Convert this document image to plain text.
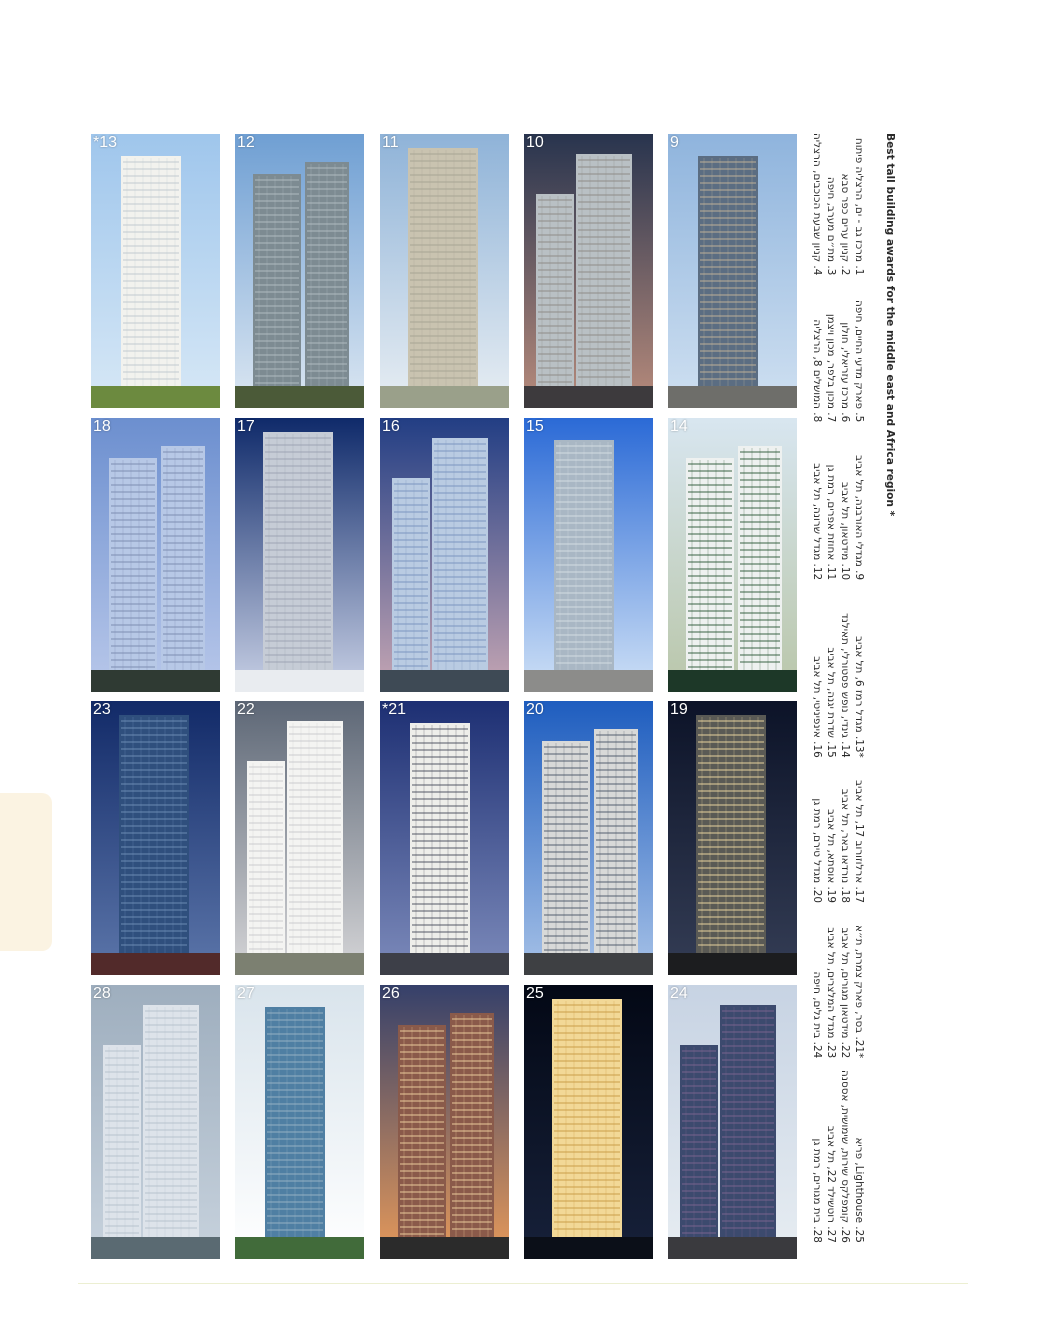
*13	12	11	10	9
18	17	16	15	14
23	22	*21	20	19
28	27	26	25	24
1. מרכז גב - ים, הרצליה פיתוח
2. קניון ערים כפר סבא
3. מת״ם מערב, חיפה
4. קניון שבעת הכוכבים, הרצליה
5. פארק מדעי החיים, חיפה
6. מרכז עזריאלי, חולון
7. מכון בלפר, מכון ויצמן
8. המושלים 8, הרצליה
9. מגדלי האורבנה, תל אביב
10. מידטאון, תל אביב
11. אחוזת אפרים, רמת גן
12. מגדל שרונה, תל אביב
*13. מגדל רמז 6, תל אביב
14. גינדי, נופש פסטורלי, תאילנד
15. שדרת יגנה, תל אביב
16. אינפיניטי, תל אביב
17. ארלוזורוב 17, תל אביב
18. נורדאו באר, תל אביב
19. אוסתא, תל אביב
20. מגדל טירם, רמת גן
*21. בסר, פארק צמרת, ת״א
22. מידטאון מגורים, תל אביב
23. מגדל המלצרים, תל אביב
24. בית גלים, חיפה
Lighthouse .25, פריא
26. קומפלקס שירות, שימושית, אססנה
27. רוטשילד 22, תל אביב
28. בית מגורים, רמת גן
Best tall building awards for the middle east and Africa region *
